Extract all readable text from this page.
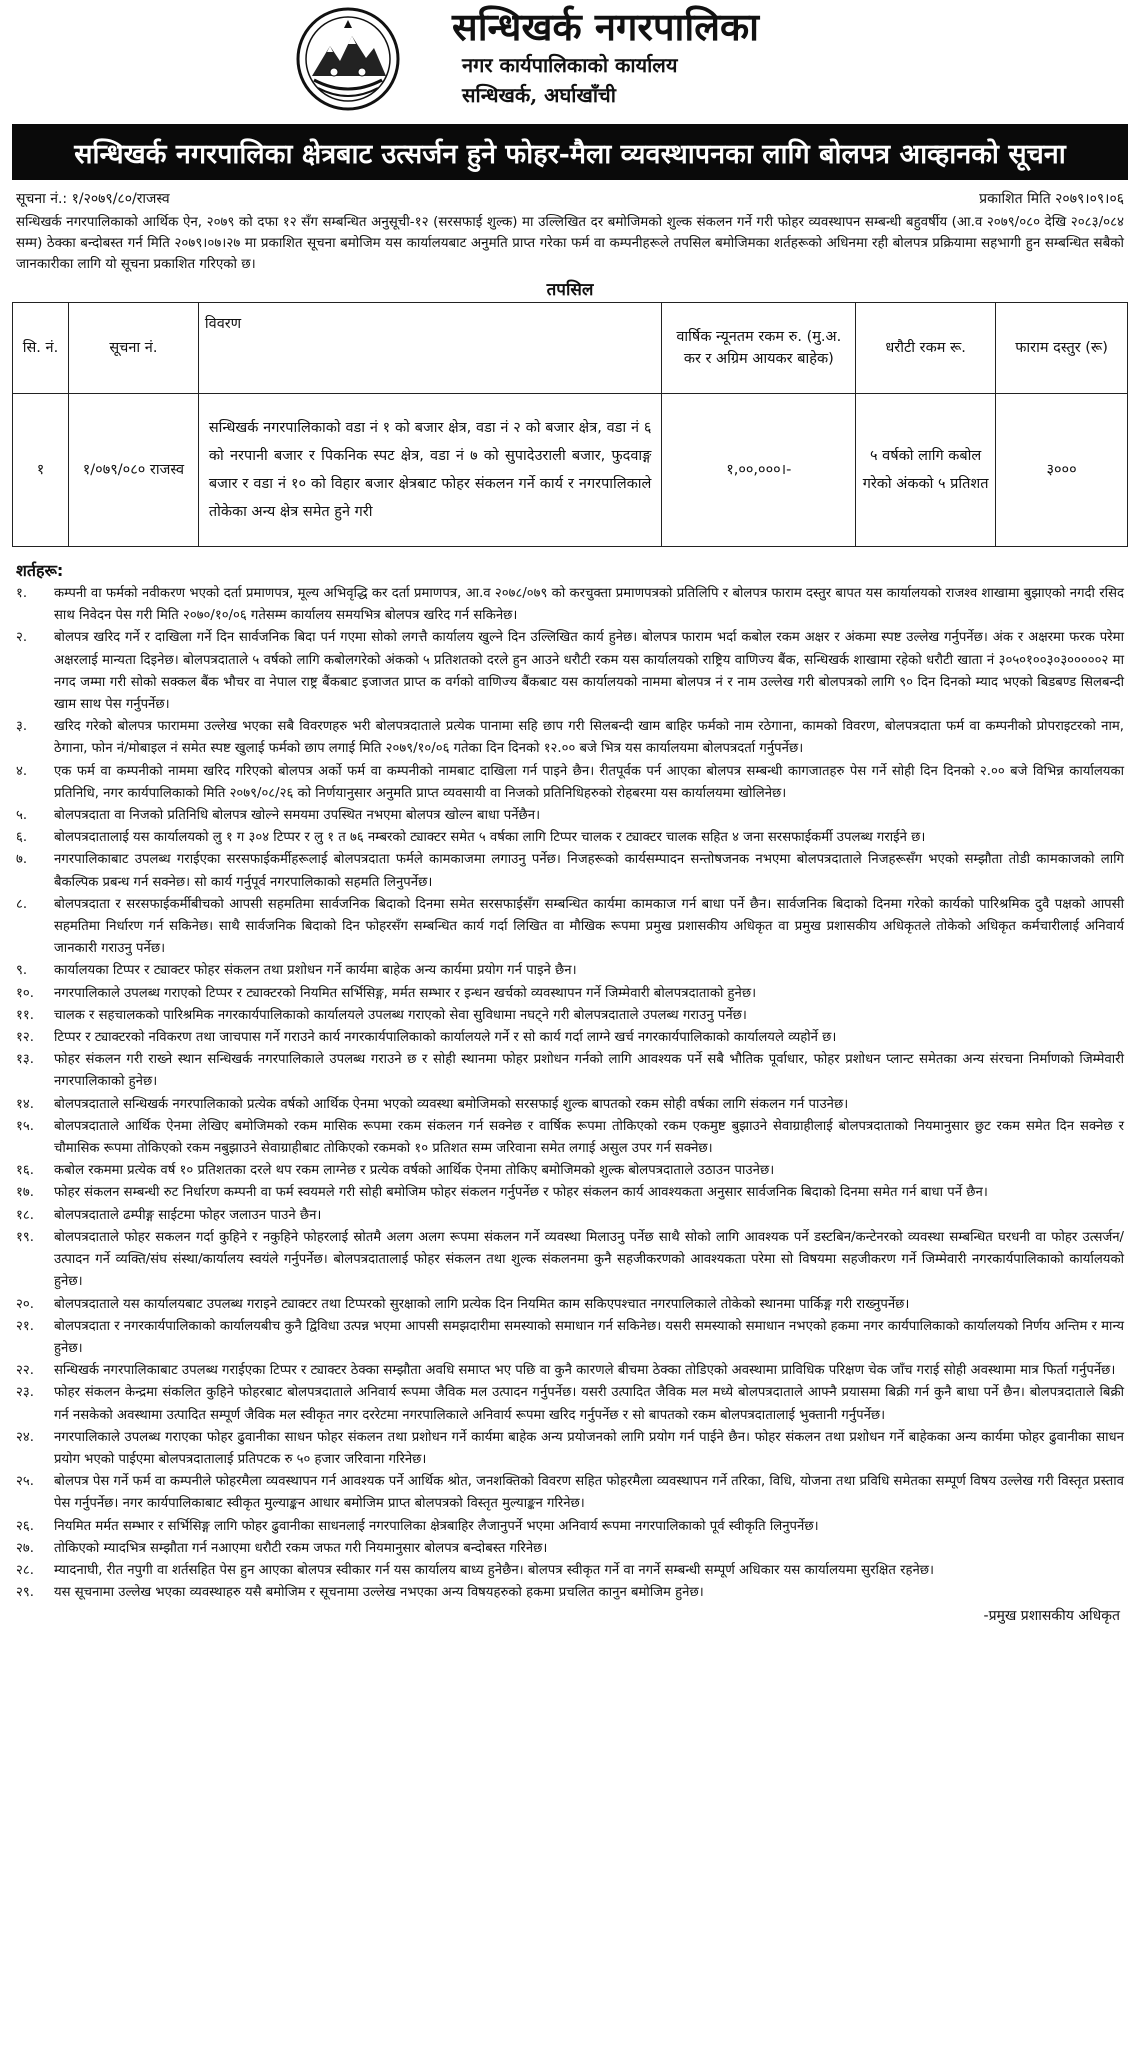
सन्धिखर्क नगरपालिका
नगर कार्यपालिकाको कार्यालय
सन्धिखर्क, अर्घाखाँची
सन्धिखर्क नगरपालिका क्षेत्रबाट उत्सर्जन हुने फोहर-मैला व्यवस्थापनका लागि बोलपत्र आव्हानको सूचना
सूचना नं.: १/२०७९/८०/राजस्व	प्रकाशित मिति २०७९।०९।०६
सन्धिखर्क नगरपालिकाको आर्थिक ऐन, २०७९ को दफा १२ सँग सम्बन्धित अनुसूची-१२ (सरसफाई शुल्क) मा उल्लिखित दर बमोजिमको शुल्क संकलन गर्ने गरी फोहर व्यवस्थापन सम्बन्धी बहुवर्षीय (आ.व २०७९/०८० देखि २०८३/०८४ सम्म) ठेक्का बन्दोबस्त गर्न मिति २०७९।०७।२७ मा प्रकाशित सूचना बमोजिम यस कार्यालयबाट अनुमति प्राप्त गरेका फर्म वा कम्पनीहरूले तपसिल बमोजिमका शर्तहरूको अधिनमा रही बोलपत्र प्रक्रियामा सहभागी हुन सम्बन्धित सबैको जानकारीका लागि यो सूचना प्रकाशित गरिएको छ।
तपसिल
सि. नं.	सूचना नं.	विवरण	वार्षिक न्यूनतम रकम रु. (मु.अ. कर र अग्रिम आयकर बाहेक)	धरौटी रकम रू.	फाराम दस्तुर (रू)
१	१/०७९/०८० राजस्व	सन्धिखर्क नगरपालिकाको वडा नं १ को बजार क्षेत्र, वडा नं २ को बजार क्षेत्र, वडा नं ६ को नरपानी बजार र पिकनिक स्पट क्षेत्र, वडा नं ७ को सुपादेउराली बजार, फुदवाङ्ग बजार र वडा नं १० को विहार बजार क्षेत्रबाट फोहर संकलन गर्ने कार्य र नगरपालिकाले तोकेका अन्य क्षेत्र समेत हुने गरी	१,००,०००।-	५ वर्षको लागि कबोल गरेको अंकको ५ प्रतिशत	३०००
शर्तहरू:
१.	कम्पनी वा फर्मको नवीकरण भएको दर्ता प्रमाणपत्र, मूल्य अभिवृद्धि कर दर्ता प्रमाणपत्र, आ.व २०७८/०७९ को करचुक्ता प्रमाणपत्रको प्रतिलिपि र बोलपत्र फाराम दस्तुर बापत यस कार्यालयको राजश्व शाखामा बुझाएको नगदी रसिद साथ निवेदन पेस गरी मिति २०७०/१०/०६ गतेसम्म कार्यालय समयभित्र बोलपत्र खरिद गर्न सकिनेछ।
२.	बोलपत्र खरिद गर्ने र दाखिला गर्ने दिन सार्वजनिक बिदा पर्न गएमा सोको लगत्तै कार्यालय खुल्ने दिन उल्लिखित कार्य हुनेछ। बोलपत्र फाराम भर्दा कबोल रकम अक्षर र अंकमा स्पष्ट उल्लेख गर्नुपर्नेछ। अंक र अक्षरमा फरक परेमा अक्षरलाई मान्यता दिइनेछ। बोलपत्रदाताले ५ वर्षको लागि कबोलगरेको अंकको ५ प्रतिशतको दरले हुन आउने धरौटी रकम यस कार्यालयको राष्ट्रिय वाणिज्य बैंक, सन्धिखर्क शाखामा रहेको धरौटी खाता नं ३०५०१००३०३०००००२ मा नगद जम्मा गरी सोको सक्कल बैंक भौचर वा नेपाल राष्ट्र बैंकबाट इजाजत प्राप्त क वर्गको वाणिज्य बैंकबाट यस कार्यालयको नाममा बोलपत्र नं र नाम उल्लेख गरी बोलपत्रको लागि ९० दिन दिनको म्याद भएको बिडबण्ड सिलबन्दी खाम साथ पेस गर्नुपर्नेछ।
३.	खरिद गरेको बोलपत्र फाराममा उल्लेख भएका सबै विवरणहरु भरी बोलपत्रदाताले प्रत्येक पानामा सहि छाप गरी सिलबन्दी खाम बाहिर फर्मको नाम रठेगाना, कामको विवरण, बोलपत्रदाता फर्म वा कम्पनीको प्रोपराइटरको नाम, ठेगाना, फोन नं/मोबाइल नं समेत स्पष्ट खुलाई फर्मको छाप लगाई मिति २०७९/१०/०६ गतेका दिन दिनको १२.०० बजे भित्र यस कार्यालयमा बोलपत्रदर्ता गर्नुपर्नेछ।
४.	एक फर्म वा कम्पनीको नाममा खरिद गरिएको बोलपत्र अर्को फर्म वा कम्पनीको नामबाट दाखिला गर्न पाइने छैन। रीतपूर्वक पर्न आएका बोलपत्र सम्बन्धी कागजातहरु पेस गर्ने सोही दिन दिनको २.०० बजे विभिन्न कार्यालयका प्रतिनिधि, नगर कार्यपालिकाको मिति २०७९/०८/२६ को निर्णयानुसार अनुमति प्राप्त व्यवसायी वा निजको प्रतिनिधिहरुको रोहबरमा यस कार्यालयमा खोलिनेछ।
५.	बोलपत्रदाता वा निजको प्रतिनिधि बोलपत्र खोल्ने समयमा उपस्थित नभएमा बोलपत्र खोल्न बाधा पर्नेछैन।
६.	बोलपत्रदातालाई यस कार्यालयको लु १ ग ३०४ टिप्पर र लु १ त ७६ नम्बरको ट्याक्टर समेत ५ वर्षका लागि टिप्पर चालक र ट्याक्टर चालक सहित ४ जना सरसफाईकर्मी उपलब्ध गराईने छ।
७.	नगरपालिकाबाट उपलब्ध गराईएका सरसफाईकर्मीहरूलाई बोलपत्रदाता फर्मले कामकाजमा लगाउनु पर्नेछ। निजहरूको कार्यसम्पादन सन्तोषजनक नभएमा बोलपत्रदाताले निजहरूसँग भएको सम्झौता तोडी कामकाजको लागि बैकल्पिक प्रबन्ध गर्न सक्नेछ। सो कार्य गर्नुपूर्व नगरपालिकाको सहमति लिनुपर्नेछ।
८.	बोलपत्रदाता र सरसफाईकर्मीबीचको आपसी सहमतिमा सार्वजनिक बिदाको दिनमा समेत सरसफाईसँग सम्बन्धित कार्यमा कामकाज गर्न बाधा पर्ने छैन। सार्वजनिक बिदाको दिनमा गरेको कार्यको पारिश्रमिक दुवै पक्षको आपसी सहमतिमा निर्धारण गर्न सकिनेछ। साथै सार्वजनिक बिदाको दिन फोहरसँग सम्बन्धित कार्य गर्दा लिखित वा मौखिक रूपमा प्रमुख प्रशासकीय अधिकृत वा प्रमुख प्रशासकीय अधिकृतले तोकेको अधिकृत कर्मचारीलाई अनिवार्य जानकारी गराउनु पर्नेछ।
९.	कार्यालयका टिप्पर र ट्याक्टर फोहर संकलन तथा प्रशोधन गर्ने कार्यमा बाहेक अन्य कार्यमा प्रयोग गर्न पाइने छैन।
१०.	नगरपालिकाले उपलब्ध गराएको टिप्पर र ट्याक्टरको नियमित सर्भिसिङ्ग, मर्मत सम्भार र इन्धन खर्चको व्यवस्थापन गर्ने जिम्मेवारी बोलपत्रदाताको हुनेछ।
११.	चालक र सहचालकको पारिश्रमिक नगरकार्यपालिकाको कार्यालयले उपलब्ध गराएको सेवा सुविधामा नघट्ने गरी बोलपत्रदाताले उपलब्ध गराउनु पर्नेछ।
१२.	टिप्पर र ट्याक्टरको नविकरण तथा जाचपास गर्ने गराउने कार्य नगरकार्यपालिकाको कार्यालयले गर्ने र सो कार्य गर्दा लाग्ने खर्च नगरकार्यपालिकाको कार्यालयले व्यहोर्ने छ।
१३.	फोहर संकलन गरी राख्ने स्थान सन्धिखर्क नगरपालिकाले उपलब्ध गराउने छ र सोही स्थानमा फोहर प्रशोधन गर्नको लागि आवश्यक पर्ने सबै भौतिक पूर्वाधार, फोहर प्रशोधन प्लान्ट समेतका अन्य संरचना निर्माणको जिम्मेवारी नगरपालिकाको हुनेछ।
१४.	बोलपत्रदाताले सन्धिखर्क नगरपालिकाको प्रत्येक वर्षको आर्थिक ऐनमा भएको व्यवस्था बमोजिमको सरसफाई शुल्क बापतको रकम सोही वर्षका लागि संकलन गर्न पाउनेछ।
१५.	बोलपत्रदाताले आर्थिक ऐनमा लेखिए बमोजिमको रकम मासिक रूपमा रकम संकलन गर्न सक्नेछ र वार्षिक रूपमा तोकिएको रकम एकमुष्ट बुझाउने सेवाग्राहीलाई बोलपत्रदाताको नियमानुसार छुट रकम समेत दिन सक्नेछ र चौमासिक रूपमा तोकिएको रकम नबुझाउने सेवाग्राहीबाट तोकिएको रकमको १० प्रतिशत सम्म जरिवाना समेत लगाई असुल उपर गर्न सक्नेछ।
१६.	कबोल रकममा प्रत्येक वर्ष १० प्रतिशतका दरले थप रकम लाग्नेछ र प्रत्येक वर्षको आर्थिक ऐनमा तोकिए बमोजिमको शुल्क बोलपत्रदाताले उठाउन पाउनेछ।
१७.	फोहर संकलन सम्बन्धी रुट निर्धारण कम्पनी वा फर्म स्वयमले गरी सोही बमोजिम फोहर संकलन गर्नुपर्नेछ र फोहर संकलन कार्य आवश्यकता अनुसार सार्वजनिक बिदाको दिनमा समेत गर्न बाधा पर्ने छैन।
१८.	बोलपत्रदाताले ढम्पीङ्ग साईटमा फोहर जलाउन पाउने छैन।
१९.	बोलपत्रदाताले फोहर सकलन गर्दा कुहिने र नकुहिने फोहरलाई स्रोतमै अलग अलग रूपमा संकलन गर्ने व्यवस्था मिलाउनु पर्नेछ साथै सोको लागि आवश्यक पर्ने डस्टबिन/कन्टेनरको व्यवस्था सम्बन्धित घरधनी वा फोहर उत्सर्जन/उत्पादन गर्ने व्यक्ति/संघ संस्था/कार्यालय स्वयंले गर्नुपर्नेछ। बोलपत्रदातालाई फोहर संकलन तथा शुल्क संकलनमा कुनै सहजीकरणको आवश्यकता परेमा सो विषयमा सहजीकरण गर्ने जिम्मेवारी नगरकार्यपालिकाको कार्यालयको हुनेछ।
२०.	बोलपत्रदाताले यस कार्यालयबाट उपलब्ध गराइने ट्याक्टर तथा टिप्परको सुरक्षाको लागि प्रत्येक दिन नियमित काम सकिएपश्चात नगरपालिकाले तोकेको स्थानमा पार्किङ्ग गरी राख्नुपर्नेछ।
२१.	बोलपत्रदाता र नगरकार्यपालिकाको कार्यालयबीच कुनै द्विविधा उत्पन्न भएमा आपसी समझदारीमा समस्याको समाधान गर्न सकिनेछ। यसरी समस्याको समाधान नभएको हकमा नगर कार्यपालिकाको कार्यालयको निर्णय अन्तिम र मान्य हुनेछ।
२२.	सन्धिखर्क नगरपालिकाबाट उपलब्ध गराईएका टिप्पर र ट्याक्टर ठेक्का सम्झौता अवधि समाप्त भए पछि वा कुनै कारणले बीचमा ठेक्का तोडिएको अवस्थामा प्राविधिक परिक्षण चेक जाँच गराई सोही अवस्थामा मात्र फिर्ता गर्नुपर्नेछ।
२३.	फोहर संकलन केन्द्रमा संकलित कुहिने फोहरबाट बोलपत्रदाताले अनिवार्य रूपमा जैविक मल उत्पादन गर्नुपर्नेछ। यसरी उत्पादित जैविक मल मध्ये बोलपत्रदाताले आफ्नै प्रयासमा बिक्री गर्न कुनै बाधा पर्ने छैन। बोलपत्रदाताले बिक्री गर्न नसकेको अवस्थामा उत्पादित सम्पूर्ण जैविक मल स्वीकृत नगर दररेटमा नगरपालिकाले अनिवार्य रूपमा खरिद गर्नुपर्नेछ र सो बापतको रकम बोलपत्रदातालाई भुक्तानी गर्नुपर्नेछ।
२४.	नगरपालिकाले उपलब्ध गराएका फोहर ढुवानीका साधन फोहर संकलन तथा प्रशोधन गर्ने कार्यमा बाहेक अन्य प्रयोजनको लागि प्रयोग गर्न पाईने छैन। फोहर संकलन तथा प्रशोधन गर्ने बाहेकका अन्य कार्यमा फोहर ढुवानीका साधन प्रयोग भएको पाईएमा बोलपत्रदातालाई प्रतिपटक रु ५० हजार जरिवाना गरिनेछ।
२५.	बोलपत्र पेस गर्ने फर्म वा कम्पनीले फोहरमैला व्यवस्थापन गर्न आवश्यक पर्ने आर्थिक श्रोत, जनशक्तिको विवरण सहित फोहरमैला व्यवस्थापन गर्ने तरिका, विधि, योजना तथा प्रविधि समेतका सम्पूर्ण विषय उल्लेख गरी विस्तृत प्रस्ताव पेस गर्नुपर्नेछ। नगर कार्यपालिकाबाट स्वीकृत मुल्याङ्कन आधार बमोजिम प्राप्त बोलपत्रको विस्तृत मुल्याङ्कन गरिनेछ।
२६.	नियमित मर्मत सम्भार र सर्भिसिङ्ग लागि फोहर ढुवानीका साधनलाई नगरपालिका क्षेत्रबाहिर लैजानुपर्ने भएमा अनिवार्य रूपमा नगरपालिकाको पूर्व स्वीकृति लिनुपर्नेछ।
२७.	तोकिएको म्यादभित्र सम्झौता गर्न नआएमा धरौटी रकम जफत गरी नियमानुसार बोलपत्र बन्दोबस्त गरिनेछ।
२८.	म्यादनाघी, रीत नपुगी वा शर्तसहित पेस हुन आएका बोलपत्र स्वीकार गर्न यस कार्यालय बाध्य हुनेछैन। बोलपत्र स्वीकृत गर्ने वा नगर्ने सम्बन्धी सम्पूर्ण अधिकार यस कार्यालयमा सुरक्षित रहनेछ।
२९.	यस सूचनामा उल्लेख भएका व्यवस्थाहरु यसै बमोजिम र सूचनामा उल्लेख नभएका अन्य विषयहरुको हकमा प्रचलित कानुन बमोजिम हुनेछ।
-प्रमुख प्रशासकीय अधिकृत
